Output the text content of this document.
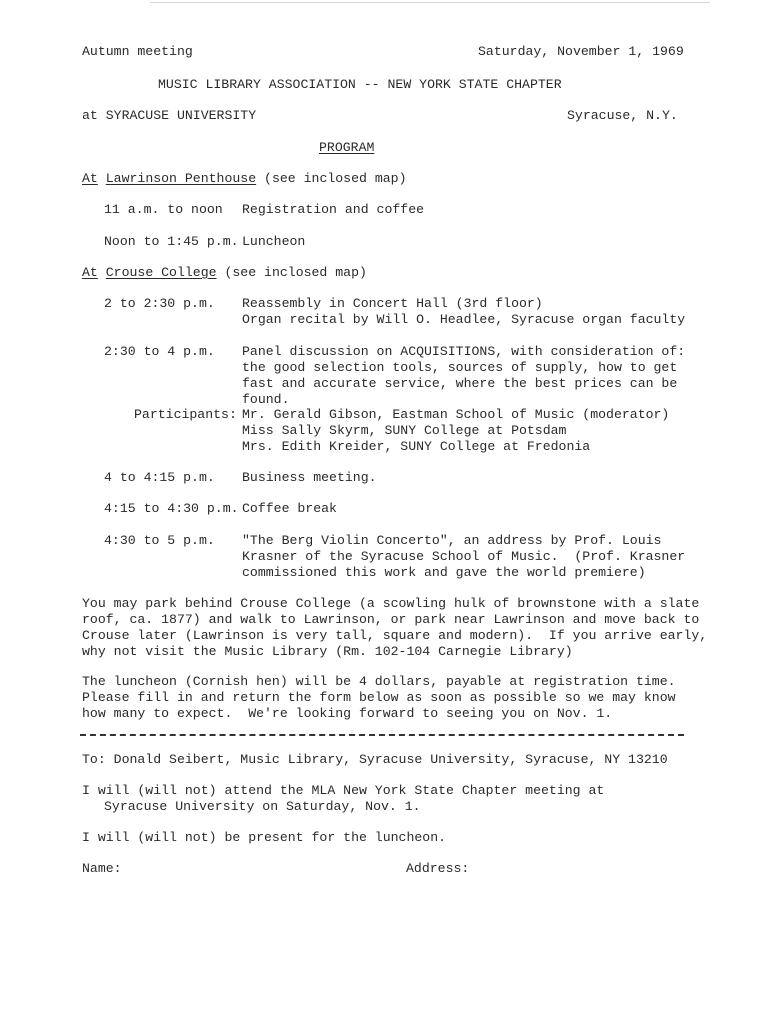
Autumn meeting	Saturday, November 1, 1969
MUSIC LIBRARY ASSOCIATION -- NEW YORK STATE CHAPTER
at SYRACUSE UNIVERSITY	Syracuse, N.Y.
PROGRAM
At Lawrinson Penthouse (see inclosed map)
11 a.m. to noon Registration and coffee
Noon to 1:45 p.m. Luncheon
At Crouse College (see inclosed map)
2 to 2:30 p.m. Reassembly in Concert Hall (3rd floor)
Organ recital by Will O. Headlee, Syracuse organ faculty
2:30 to 4 p.m. Panel discussion on ACQUISITIONS, with consideration of:
the good selection tools, sources of supply, how to get
fast and accurate service, where the best prices can be
found.
Participants: Mr. Gerald Gibson, Eastman School of Music (moderator)
Miss Sally Skyrm, SUNY College at Potsdam
Mrs. Edith Kreider, SUNY College at Fredonia
4 to 4:15 p.m. Business meeting.
4:15 to 4:30 p.m. Coffee break
4:30 to 5 p.m. "The Berg Violin Concerto", an address by Prof. Louis
Krasner of the Syracuse School of Music.  (Prof. Krasner
commissioned this work and gave the world premiere)
You may park behind Crouse College (a scowling hulk of brownstone with a slate
roof, ca. 1877) and walk to Lawrinson, or park near Lawrinson and move back to
Crouse later (Lawrinson is very tall, square and modern).  If you arrive early,
why not visit the Music Library (Rm. 102-104 Carnegie Library)
The luncheon (Cornish hen) will be 4 dollars, payable at registration time.
Please fill in and return the form below as soon as possible so we may know
how many to expect.  We're looking forward to seeing you on Nov. 1.
To: Donald Seibert, Music Library, Syracuse University, Syracuse, NY 13210
I will (will not) attend the MLA New York State Chapter meeting at
Syracuse University on Saturday, Nov. 1.
I will (will not) be present for the luncheon.
Name:	Address:
